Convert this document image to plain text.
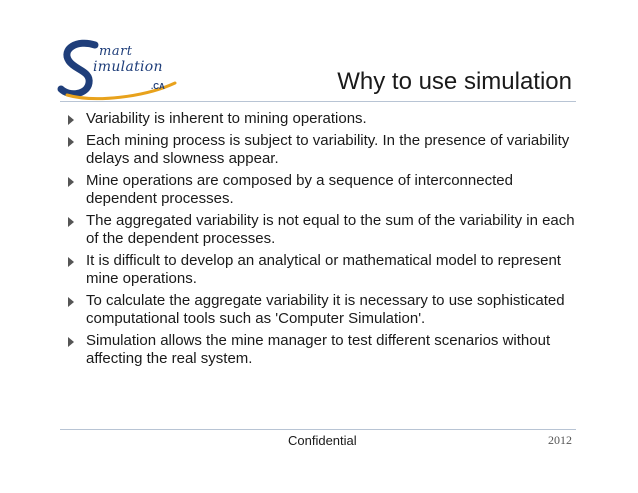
mart
imulation
.CA	Why to use simulation
Variability is inherent to mining operations.
Each mining process is subject to variability. In the presence of variability delays and slowness appear.
Mine operations are composed by a sequence of interconnected dependent processes.
The aggregated variability is not equal to the sum of the variability in each of the dependent processes.
It is difficult to develop an analytical or mathematical model to represent mine operations.
To calculate the aggregate variability it is necessary to use sophisticated computational tools such as 'Computer Simulation'.
Simulation allows the mine manager to test different scenarios without affecting the real system.
Confidential	2012
